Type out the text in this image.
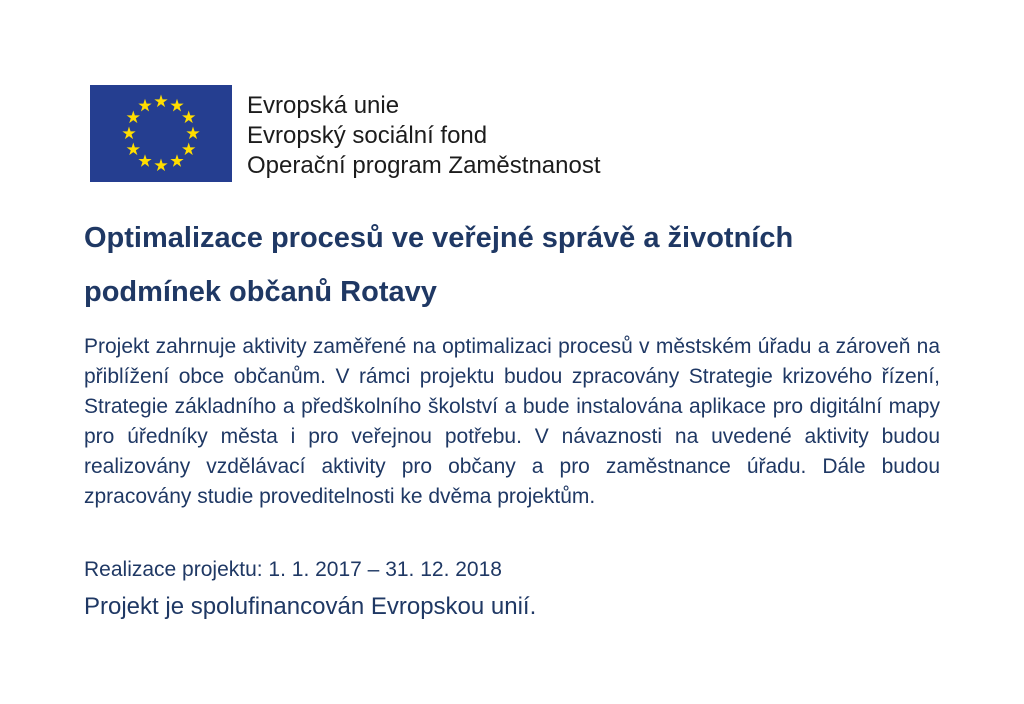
Evropská unie
Evropský sociální fond
Operační program Zaměstnanost
Optimalizace procesů ve veřejné správě a životních
podmínek občanů Rotavy

Projekt zahrnuje aktivity zaměřené na optimalizaci procesů v městském úřadu a zároveň na přiblížení obce občanům. V rámci projektu budou zpracovány Strategie krizového řízení, Strategie základního a předškolního školství a bude instalována aplikace pro digitální mapy pro úředníky města i pro veřejnou potřebu. V návaznosti na uvedené aktivity budou realizovány vzdělávací aktivity pro občany a pro zaměstnance úřadu. Dále budou zpracovány studie proveditelnosti ke dvěma projektům.

Realizace projektu: 1. 1. 2017 – 31. 12. 2018
Projekt je spolufinancován Evropskou unií.
